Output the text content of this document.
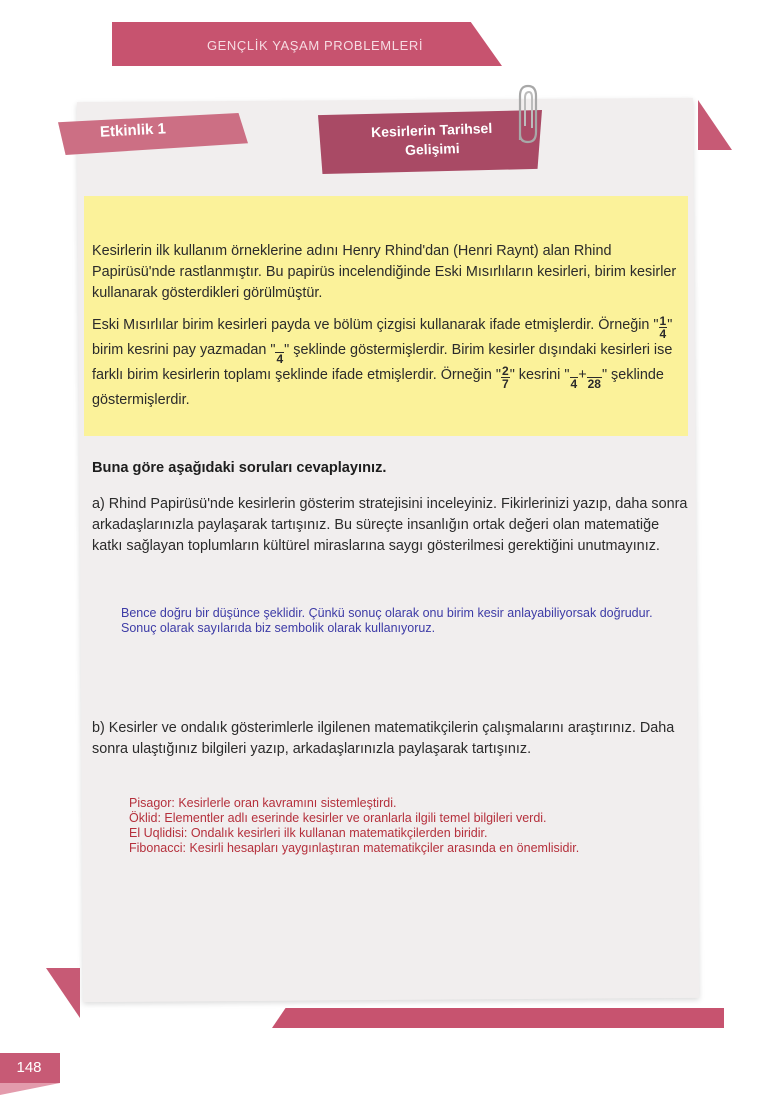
GENÇLİK YAŞAM PROBLEMLERİ
Etkinlik 1	Kesirlerin Tarihsel
Gelişimi

Kesirlerin ilk kullanım örneklerine adını Henry Rhind'dan (Henri Raynt) alan Rhind Papirüsü'nde rastlanmıştır. Bu papirüs incelendiğinde Eski Mısırlıların kesirleri, birim kesirler kullanarak gösterdikleri görülmüştür.

Eski Mısırlılar birim kesirleri payda ve bölüm çizgisi kullanarak ifade etmişlerdir. Örneğin " $\frac{1}{4}$ " birim kesrini pay yazmadan "
4
" şeklinde göstermişlerdir. Birim kesirler dışındaki kesirleri ise farklı birim kesirlerin toplamı şeklinde ifade etmişlerdir. Örneğin " $\frac{2}{7}$ " kesrini "
4
+
28
" şeklinde göstermişlerdir.

Buna göre aşağıdaki soruları cevaplayınız.
a) Rhind Papirüsü'nde kesirlerin gösterim stratejisini inceleyiniz. Fikirlerinizi yazıp, daha sonra arkadaşlarınızla paylaşarak tartışınız. Bu süreçte insanlığın ortak değeri olan matematiğe katkı sağlayan toplumların kültürel miraslarına saygı gösterilmesi gerektiğini unutmayınız.
Bence doğru bir düşünce şeklidir. Çünkü sonuç olarak onu birim kesir anlayabiliyorsak doğrudur. Sonuç olarak sayılarıda biz sembolik olarak kullanıyoruz.
b) Kesirler ve ondalık gösterimlerle ilgilenen matematikçilerin çalışmalarını araştırınız. Daha sonra ulaştığınız bilgileri yazıp, arkadaşlarınızla paylaşarak tartışınız.
Pisagor: Kesirlerle oran kavramını sistemleştirdi.
Öklid: Elementler adlı eserinde kesirler ve oranlarla ilgili temel bilgileri verdi.
El Uqlidisi: Ondalık kesirleri ilk kullanan matematikçilerden biridir.
Fibonacci: Kesirli hesapları yaygınlaştıran matematikçiler arasında en önemlisidir.
148
